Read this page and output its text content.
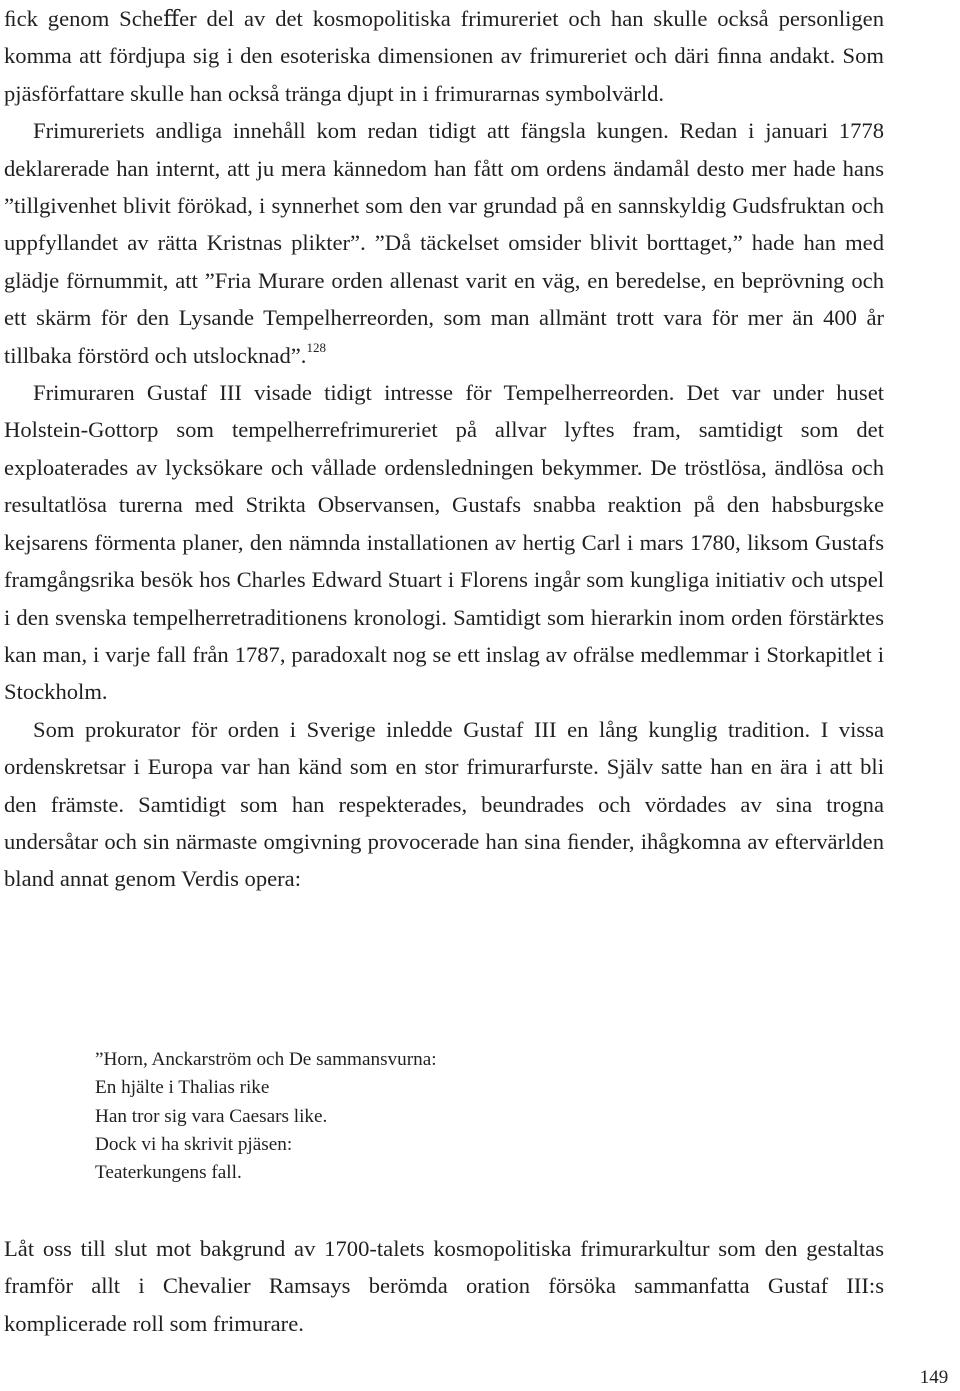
ﬁck genom Scheﬀer del av det kosmopolitiska frimureriet och han skulle också personligen komma att fördjupa sig i den esoteriska dimensionen av frimureriet och däri ﬁnna andakt. Som pjäsförfattare skulle han också tränga djupt in i frimurarnas symbolvärld.

Frimureriets andliga innehåll kom redan tidigt att fängsla kungen. Redan i januari 1778 deklarerade han internt, att ju mera kännedom han fått om ordens ändamål desto mer hade hans ”tillgivenhet blivit förökad, i synnerhet som den var grundad på en sannskyldig Gudsfruktan och uppfyllandet av rätta Kristnas plikter”. ”Då täckelset omsider blivit borttaget,” hade han med glädje förnummit, att ”Fria Murare orden allenast varit en väg, en beredelse, en beprövning och ett skärm för den Lysande Tempelherreorden, som man allmänt trott vara för mer än 400 år tillbaka förstörd och utslocknad”.$^{128}$

Frimuraren Gustaf III visade tidigt intresse för Tempelherreorden. Det var under huset Holstein-Gottorp som tempelherrefrimureriet på allvar lyftes fram, samtidigt som det exploaterades av lycksökare och vållade ordensledningen bekymmer. De tröstlösa, ändlösa och resultatlösa turerna med Strikta Observansen, Gustafs snabba reaktion på den habsburgske kejsarens förmenta planer, den nämnda installationen av hertig Carl i mars 1780, liksom Gustafs framgångsrika besök hos Charles Edward Stuart i Florens ingår som kungliga initiativ och utspel i den svenska tempelherretraditionens kronologi. Samtidigt som hierarkin inom orden förstärktes kan man, i varje fall från 1787, paradoxalt nog se ett inslag av ofrälse medlemmar i Storkapitlet i Stockholm.

Som prokurator för orden i Sverige inledde Gustaf III en lång kunglig tradition. I vissa ordenskretsar i Europa var han känd som en stor frimurarfurste. Själv satte han en ära i att bli den främste. Samtidigt som han respekterades, beundrades och vördades av sina trogna undersåtar och sin närmaste omgivning provocerade han sina ﬁender, ihågkomna av eftervärlden bland annat genom Verdis opera:

”Horn, Anckarström och De sammansvurna:
En hjälte i Thalias rike
Han tror sig vara Caesars like.
Dock vi ha skrivit pjäsen:
Teaterkungens fall.

Låt oss till slut mot bakgrund av 1700-talets kosmopolitiska frimurarkultur som den gestaltas framför allt i Chevalier Ramsays berömda oration försöka sammanfatta Gustaf III:s komplicerade roll som frimurare.

149
